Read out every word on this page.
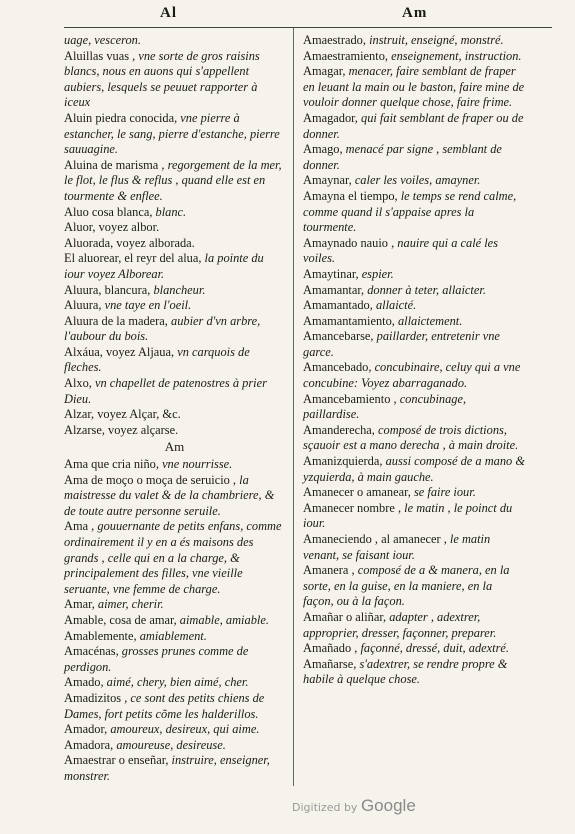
Al	Am
uage, vesceron.
Aluillas vuas , vne sorte de gros raisins blancs, nous en auons qui s'appellent aubiers, lesquels se peuuet rapporter à iceux
Aluin piedra conocida, vne pierre à estancher, le sang, pierre d'estanche, pierre sauuagine.
Aluina de marisma , regorgement de la mer, le flot, le flus & reflus , quand elle est en tourmente & enflee.
Aluo cosa blanca, blanc.
Aluor, voyez albor.
Aluorada, voyez alborada.
El aluorear, el reyr del alua, la pointe du iour voyez Alborear.
Aluura, blancura, blancheur.
Aluura, vne taye en l'oeil.
Aluura de la madera, aubier d'vn arbre, l'aubour du bois.
Alxáua, voyez Aljaua, vn carquois de fleches.
Alxo, vn chapellet de patenostres à prier Dieu.
Alzar, voyez Alçar, &c.
Alzarse, voyez alçarse.
Am
Ama que cria niño, vne nourrisse.
Ama de moço o moça de seruicio , la maistresse du valet & de la chambriere, & de toute autre personne seruile.
Ama , gouuernante de petits enfans, comme ordinairement il y en a és maisons des grands , celle qui en a la charge, & principalement des filles, vne vieille seruante, vne femme de charge.
Amar, aimer, cherir.
Amable, cosa de amar, aimable, amiable.
Amablemente, amiablement.
Amacénas, grosses prunes comme de perdigon.
Amado, aimé, chery, bien aimé, cher.
Amadizitos , ce sont des petits chiens de Dames, fort petits cõme les halderillos.
Amador, amoureux, desireux, qui aime.
Amadora, amoureuse, desireuse.
Amaestrar o enseñar, instruire, enseigner, monstrer.
Amaestrado, instruit, enseigné, monstré.
Amaestramiento, enseignement, instruction.
Amagar, menacer, faire semblant de fraper en leuant la main ou le baston, faire mine de vouloir donner quelque chose, faire frime.
Amagador, qui fait semblant de fraper ou de donner.
Amago, menacé par signe , semblant de donner.
Amaynar, caler les voiles, amayner.
Amayna el tiempo, le temps se rend calme, comme quand il s'appaise apres la tourmente.
Amaynado nauio , nauire qui a calé les voiles.
Amaytinar, espier.
Amamantar, donner à teter, allaicter.
Amamantado, allaicté.
Amamantamiento, allaictement.
Amancebarse, paillarder, entretenir vne garce.
Amancebado, concubinaire, celuy qui a vne concubine: Voyez abarraganado.
Amancebamiento , concubinage, paillardise.
Amanderecha, composé de trois dictions, sçauoir est a mano derecha , à main droite.
Amanizquierda, aussi composé de a mano & yzquierda, à main gauche.
Amanecer o amanear, se faire iour.
Amanecer nombre , le matin , le poinct du iour.
Amaneciendo , al amanecer , le matin venant, se faisant iour.
Amanera , composé de a & manera, en la sorte, en la guise, en la maniere, en la façon, ou à la façon.
Amañar o aliñar, adapter , adextrer, approprier, dresser, façonner, preparer.
Amañado , façonné, dressé, duit, adextré.
Amañarse, s'adextrer, se rendre propre & habile à quelque chose.
Digitized by Google
